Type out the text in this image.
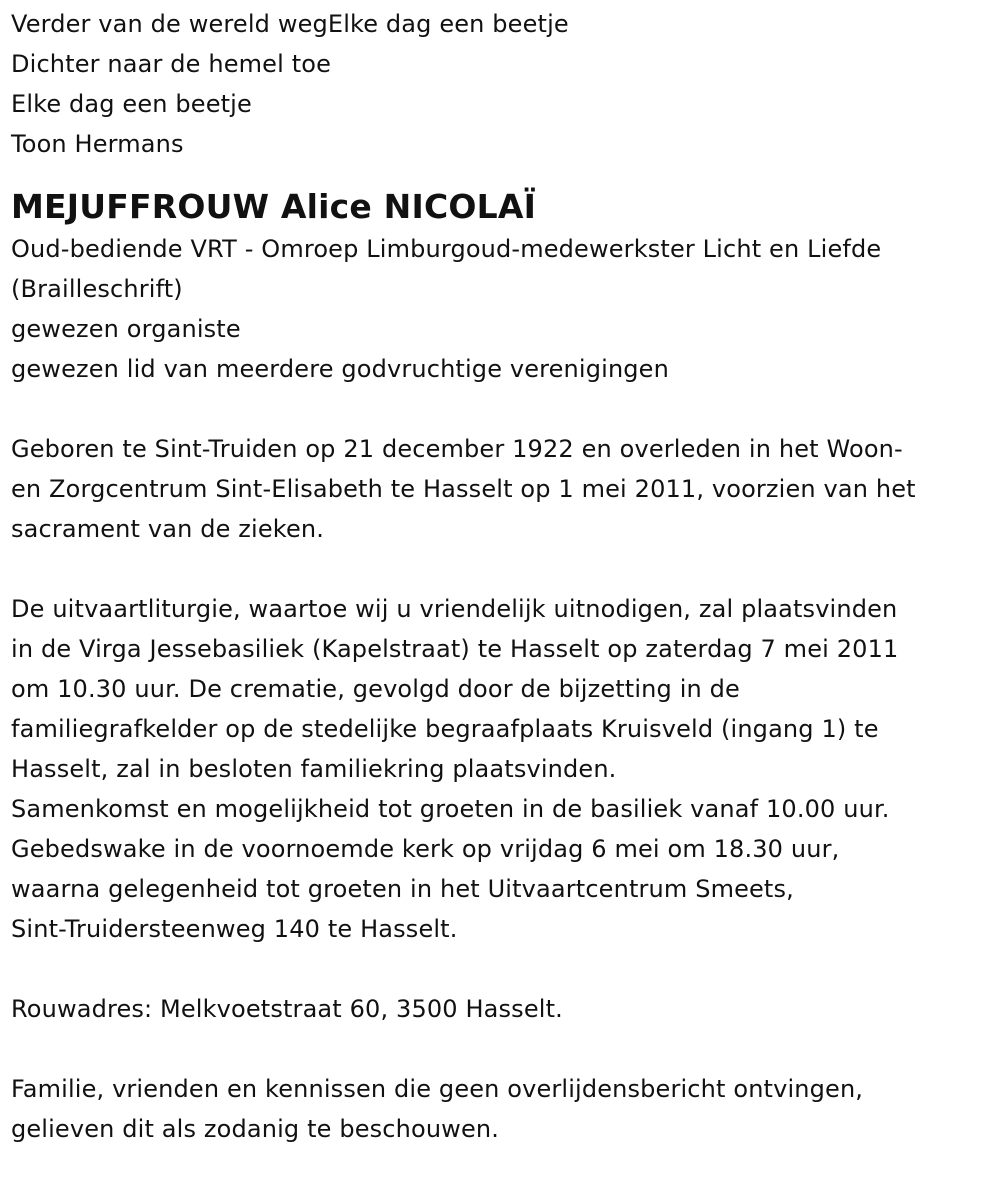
Verder van de wereld wegElke dag een beetje

Dichter naar de hemel toe

Elke dag een beetje

Toon Hermans

MEJUFFROUW Alice NICOLAÏ

Oud-bediende VRT - Omroep Limburgoud-medewerkster Licht en Liefde

(Brailleschrift)

gewezen organiste

gewezen lid van meerdere godvruchtige verenigingen

Geboren te Sint-Truiden op 21 december 1922 en overleden in het Woon-

en Zorgcentrum Sint-Elisabeth te Hasselt op 1 mei 2011, voorzien van het

sacrament van de zieken.

De uitvaartliturgie, waartoe wij u vriendelijk uitnodigen, zal plaatsvinden

in de Virga Jessebasiliek (Kapelstraat) te Hasselt op zaterdag 7 mei 2011

om 10.30 uur. De crematie, gevolgd door de bijzetting in de

familiegrafkelder op de stedelijke begraafplaats Kruisveld (ingang 1) te

Hasselt, zal in besloten familiekring plaatsvinden.

Samenkomst en mogelijkheid tot groeten in de basiliek vanaf 10.00 uur.

Gebedswake in de voornoemde kerk op vrijdag 6 mei om 18.30 uur,

waarna gelegenheid tot groeten in het Uitvaartcentrum Smeets,

Sint-Truidersteenweg 140 te Hasselt.

Rouwadres: Melkvoetstraat 60, 3500 Hasselt.

Familie, vrienden en kennissen die geen overlijdensbericht ontvingen,

gelieven dit als zodanig te beschouwen.
